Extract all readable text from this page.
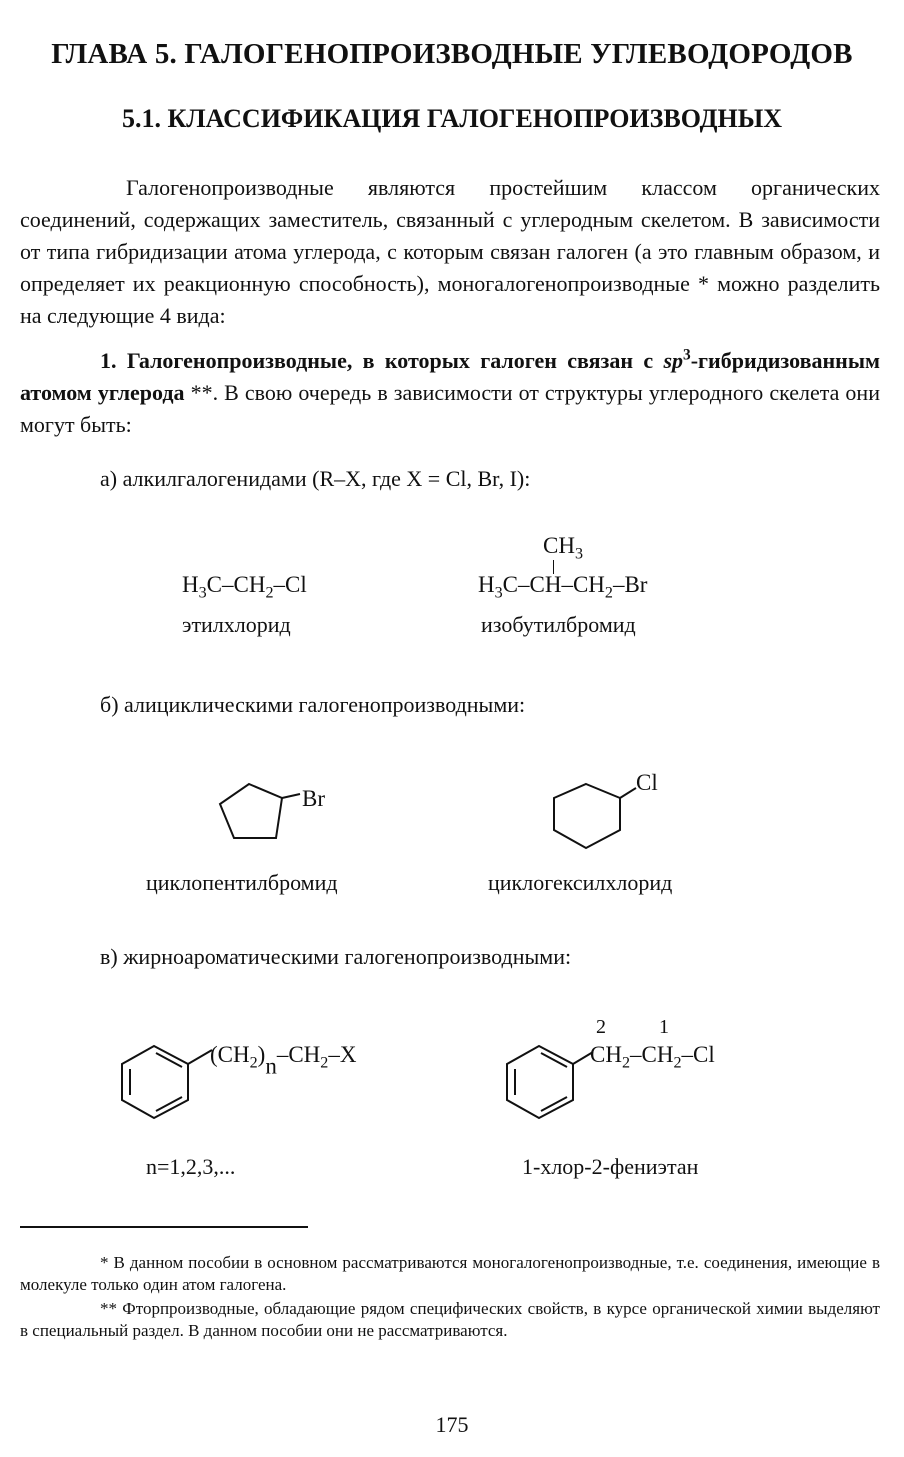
ГЛАВА 5. ГАЛОГЕНОПРОИЗВОДНЫЕ УГЛЕВОДОРОДОВ
5.1. КЛАССИФИКАЦИЯ ГАЛОГЕНОПРОИЗВОДНЫХ
Галогенопроизводные являются простейшим классом органических соединений, содержащих заместитель, связанный с углеродным скелетом. В зависимости от типа гибридизации атома углерода, с которым связан галоген (а это главным образом, и определяет их реакционную способность), моногалогенопроизводные * можно разделить на следующие 4 вида:
1. Галогенопроизводные, в которых галоген связан с $sp^3$-гибридизованным атомом углерода **. В свою очередь в зависимости от структуры углеродного скелета они могут быть:
а) алкилгалогенидами (R–X, где X = Cl, Br, I):
$H_3C-CH_2-Cl$
этилхлорид
$CH_3$
$H_3C-CH-CH_2-Br$
изобутилбромид
б) алициклическими галогенопроизводными:
Br
циклопентилбромид
Cl
циклогексилхлорид
в) жирноароматическими галогенопроизводными:
$(CH_2)_n-CH_2-X$
n=1,2,3,...
2	1
$CH_2-CH_2-Cl$
1-хлор-2-фениэтан
* В данном пособии в основном рассматриваются моногалогенопроизводные, т.е. соединения, имеющие в молекуле только один атом галогена.
** Фторпроизводные, обладающие рядом специфических свойств, в курсе органической химии выделяют в специальный раздел. В данном пособии они не рассматриваются.
175
